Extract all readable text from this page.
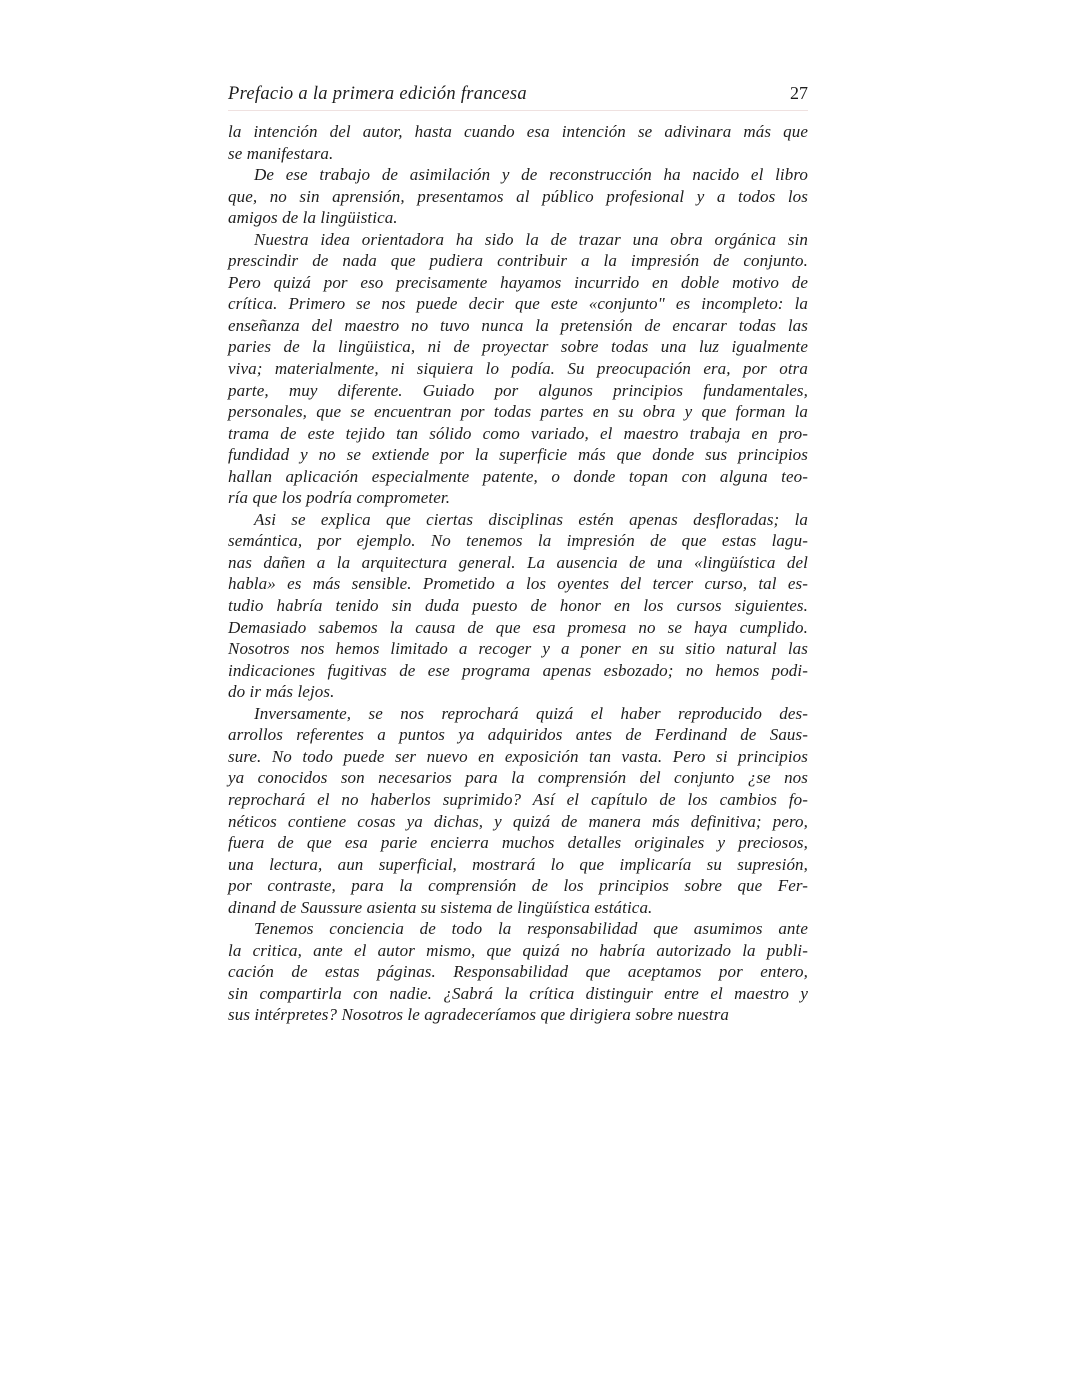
Prefacio a la primera edición francesa	27

la intención del autor, hasta cuando esa intención se adivinara más que
se manifestara.

De ese trabajo de asimilación y de reconstrucción ha nacido el libro
que, no sin aprensión, presentamos al público profesional y a todos los
amigos de la lingüistica.

Nuestra idea orientadora ha sido la de trazar una obra orgánica sin
prescindir de nada que pudiera contribuir a la impresión de conjunto.
Pero quizá por eso precisamente hayamos incurrido en doble motivo de
crítica. Primero se nos puede decir que este «conjunto" es incompleto: la
enseñanza del maestro no tuvo nunca la pretensión de encarar todas las
paries de la lingüistica, ni de proyectar sobre todas una luz igualmente
viva; materialmente, ni siquiera lo podía. Su preocupación era, por otra
parte, muy diferente. Guiado por algunos principios fundamentales,
personales, que se encuentran por todas partes en su obra y que forman la
trama de este tejido tan sólido como variado, el maestro trabaja en pro-
fundidad y no se extiende por la superficie más que donde sus principios
hallan aplicación especialmente patente, o donde topan con alguna teo-
ría que los podría comprometer.

Asi se explica que ciertas disciplinas estén apenas desfloradas; la
semántica, por ejemplo. No tenemos la impresión de que estas lagu-
nas dañen a la arquitectura general. La ausencia de una «lingüística del
habla» es más sensible. Prometido a los oyentes del tercer curso, tal es-
tudio habría tenido sin duda puesto de honor en los cursos siguientes.
Demasiado sabemos la causa de que esa promesa no se haya cumplido.
Nosotros nos hemos limitado a recoger y a poner en su sitio natural las
indicaciones fugitivas de ese programa apenas esbozado; no hemos podi-
do ir más lejos.

Inversamente, se nos reprochará quizá el haber reproducido des-
arrollos referentes a puntos ya adquiridos antes de Ferdinand de Saus-
sure. No todo puede ser nuevo en exposición tan vasta. Pero si principios
ya conocidos son necesarios para la comprensión del conjunto ¿se nos
reprochará el no haberlos suprimido? Así el capítulo de los cambios fo-
néticos contiene cosas ya dichas, y quizá de manera más definitiva; pero,
fuera de que esa parie encierra muchos detalles originales y preciosos,
una lectura, aun superficial, mostrará lo que implicaría su supresión,
por contraste, para la comprensión de los principios sobre que Fer-
dinand de Saussure asienta su sistema de lingüística estática.

Tenemos conciencia de todo la responsabilidad que asumimos ante
la critica, ante el autor mismo, que quizá no habría autorizado la publi-
cación de estas páginas. Responsabilidad que aceptamos por entero,
sin compartirla con nadie. ¿Sabrá la crítica distinguir entre el maestro y
sus intérpretes? Nosotros le agradeceríamos que dirigiera sobre nuestra
